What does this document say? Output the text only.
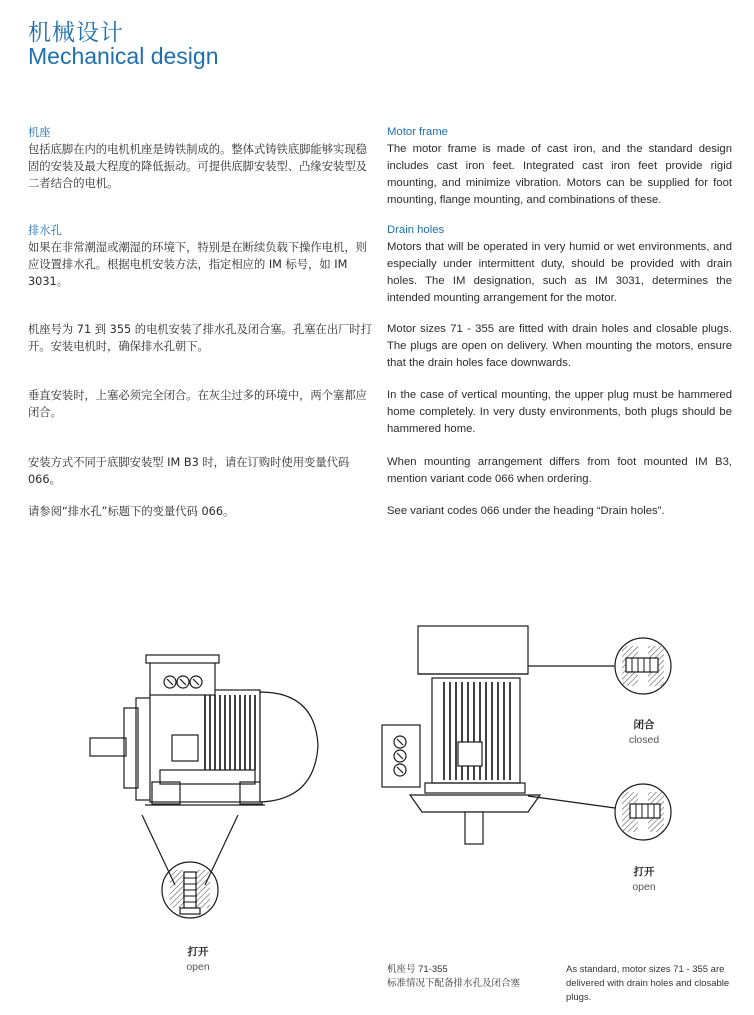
机械设计
Mechanical design
机座
包括底脚在内的电机机座是铸铁制成的。整体式铸铁底脚能够实现稳固的安装及最大程度的降低振动。可提供底脚安装型、凸缘安装型及二者结合的电机。
Motor frame
The motor frame is made of cast iron, and the standard design includes cast iron feet. Integrated cast iron feet provide rigid mounting, and minimize vibration. Motors can be supplied for foot mounting, flange mounting, and combinations of these.
排水孔
如果在非常潮湿或潮湿的环境下，特别是在断续负载下操作电机，则应设置排水孔。根据电机安装方法，指定相应的 IM 标号，如 IM 3031。
Drain holes
Motors that will be operated in very humid or wet environments, and especially under intermittent duty, should be provided with drain holes. The IM designation, such as IM 3031, determines the intended mounting arrangement for the motor.
机座号为 71 到 355 的电机安装了排水孔及闭合塞。孔塞在出厂时打开。安装电机时，确保排水孔朝下。
Motor sizes 71 - 355 are fitted with drain holes and closable plugs. The plugs are open on delivery. When mounting the motors, ensure that the drain holes face downwards.
垂直安装时，上塞必须完全闭合。在灰尘过多的环境中，两个塞都应闭合。
In the case of vertical mounting, the upper plug must be hammered home completely. In very dusty environments, both plugs should be hammered home.
安装方式不同于底脚安装型 IM B3 时，请在订购时使用变量代码 066。
When mounting arrangement differs from foot mounted IM B3, mention variant code 066 when ordering.
请参阅“排水孔”标题下的变量代码 066。	See variant codes 066 under the heading “Drain holes”.
打开
open
闭合
closed
打开
open
机座号 71-355
标准情况下配备排水孔及闭合塞
As standard, motor sizes 71 - 355 are delivered with drain holes and closable plugs.
